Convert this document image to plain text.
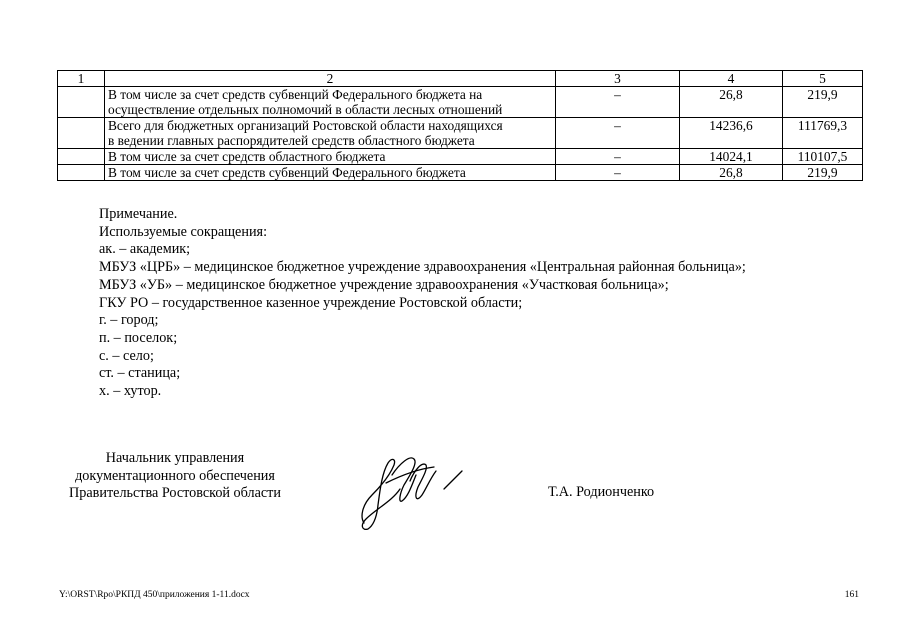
1	2	3	4	5

	В том числе за счет средств субвенций Федерального бюджета на
осуществление отдельных полномочий в области лесных отношений	–	26,8	219,9

	Всего для бюджетных организаций Ростовской области находящихся
в ведении главных распорядителей средств областного бюджета	–	14236,6	111769,3
	В том числе за счет средств областного бюджета	–	14024,1	110107,5
	В том числе за счет средств субвенций Федерального бюджета	–	26,8	219,9
Примечание.
Используемые сокращения:
ак. – академик;
МБУЗ «ЦРБ» – медицинское бюджетное учреждение здравоохранения «Центральная районная больница»;
МБУЗ «УБ» – медицинское бюджетное учреждение здравоохранения «Участковая больница»;
ГКУ РО – государственное казенное учреждение Ростовской области;
г. – город;
п. – поселок;
с. – село;
ст. – станица;
х. – хутор.
Начальник управления
документационного обеспечения
Правительства Ростовской области	Т.А. Родионченко
Y:\ORST\Rpo\РКПД 450\приложения 1-11.docx	161
